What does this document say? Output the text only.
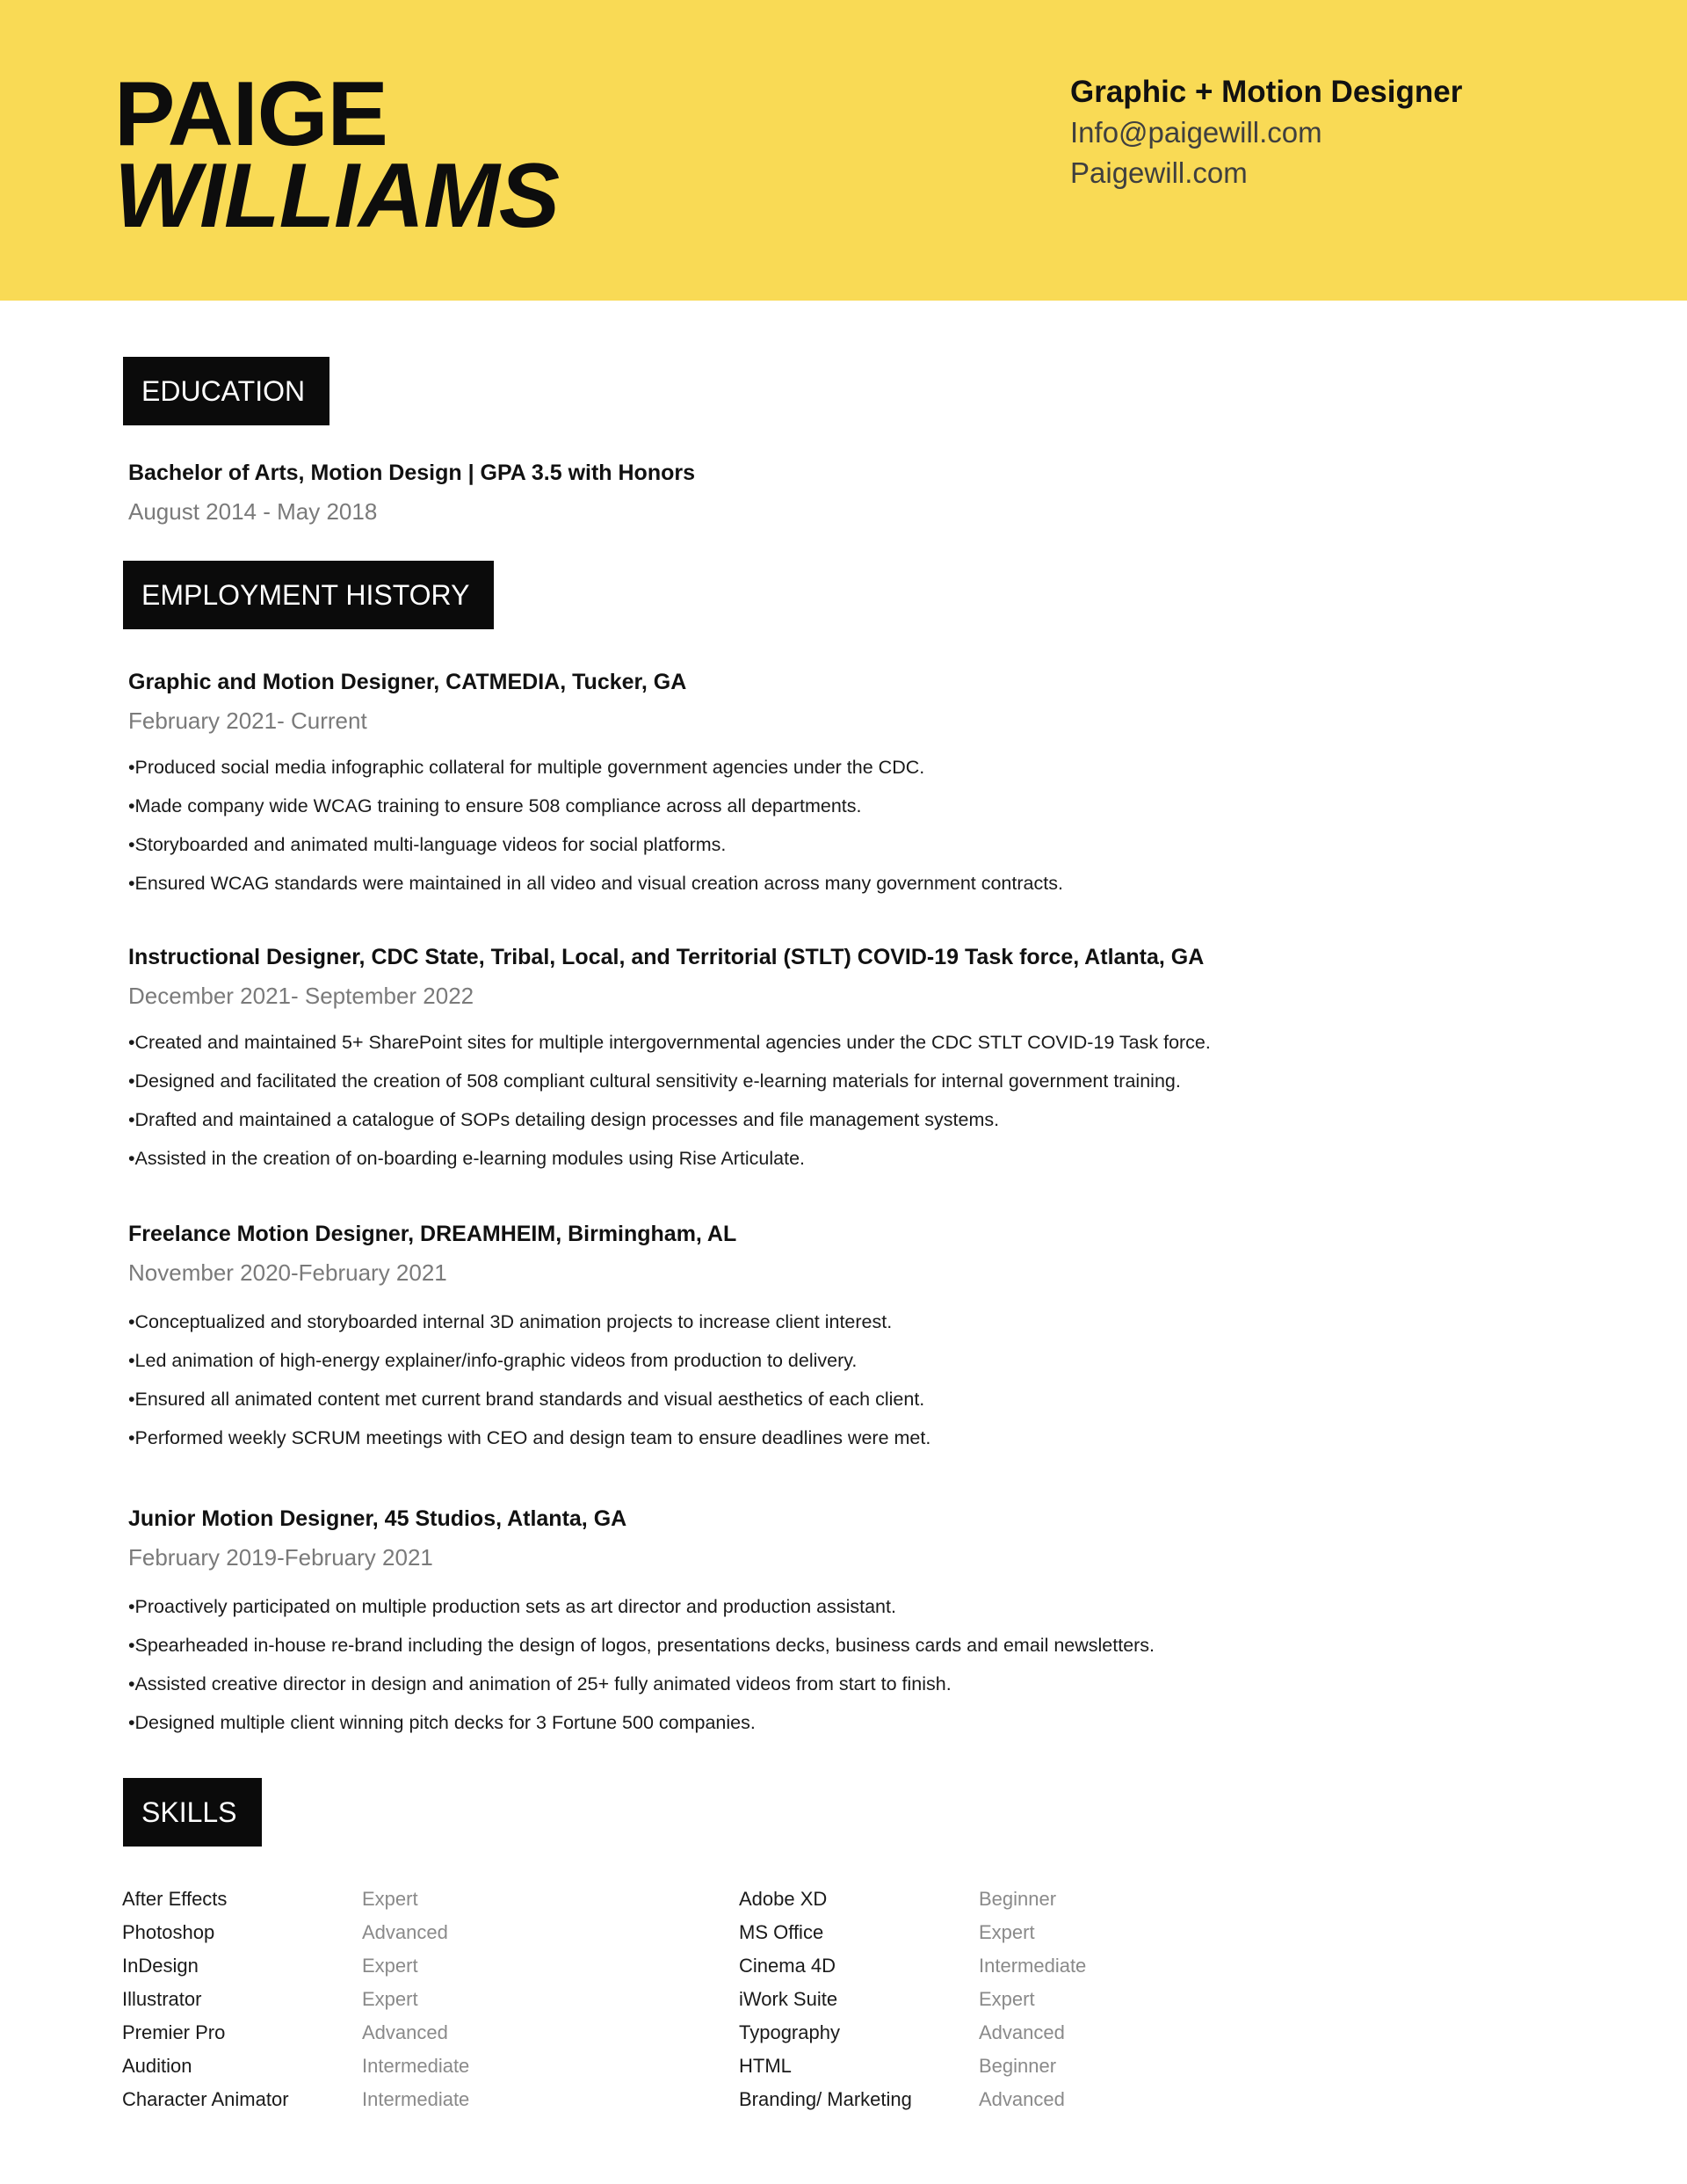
PAIGE
WILLIAMS
Graphic + Motion Designer
Info@paigewill.com
Paigewill.com
EDUCATION
Bachelor of Arts, Motion Design | GPA 3.5 with Honors
August 2014 - May 2018
EMPLOYMENT HISTORY
Graphic and Motion Designer, CATMEDIA, Tucker, GA
February 2021- Current
•Produced social media infographic collateral for multiple government agencies under the CDC.
•Made company wide WCAG training to ensure 508 compliance across all departments.
•Storyboarded and animated multi-language videos for social platforms.
•Ensured WCAG standards were maintained in all video and visual creation across many government contracts.
Instructional Designer, CDC State, Tribal, Local, and Territorial (STLT) COVID-19 Task force, Atlanta, GA
December 2021- September 2022
•Created and maintained 5+ SharePoint sites for multiple intergovernmental agencies under the CDC STLT COVID-19 Task force.
•Designed and facilitated the creation of 508 compliant cultural sensitivity e-learning materials for internal government training.
•Drafted and maintained a catalogue of SOPs detailing design processes and file management systems.
•Assisted in the creation of on-boarding e-learning modules using Rise Articulate.
Freelance Motion Designer, DREAMHEIM, Birmingham, AL
November 2020-February 2021
•Conceptualized and storyboarded internal 3D animation projects to increase client interest.
•Led animation of high-energy explainer/info-graphic videos from production to delivery.
•Ensured all animated content met current brand standards and visual aesthetics of each client.
•Performed weekly SCRUM meetings with CEO and design team to ensure deadlines were met.
Junior Motion Designer, 45 Studios, Atlanta, GA
February 2019-February 2021
•Proactively participated on multiple production sets as art director and production assistant.
•Spearheaded in-house re-brand including the design of logos, presentations decks, business cards and email newsletters.
•Assisted creative director in design and animation of 25+ fully animated videos from start to finish.
•Designed multiple client winning pitch decks for 3 Fortune 500 companies.
SKILLS
After Effects	Expert
Photoshop	Advanced
InDesign	Expert
Illustrator	Expert
Premier Pro	Advanced
Audition	Intermediate
Character Animator	Intermediate
Adobe XD	Beginner
MS Office	Expert
Cinema 4D	Intermediate
iWork Suite	Expert
Typography	Advanced
HTML	Beginner
Branding/ Marketing	Advanced
